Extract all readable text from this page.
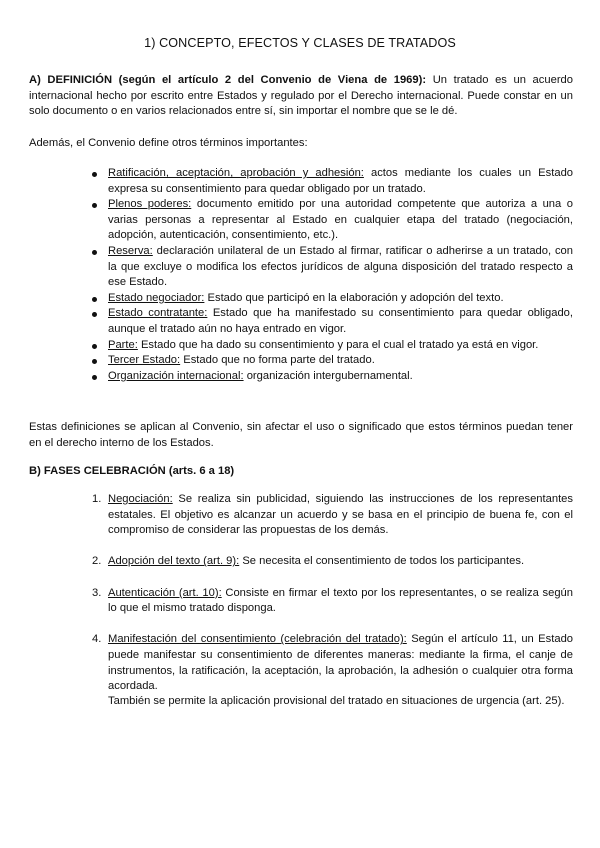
1) CONCEPTO, EFECTOS Y CLASES DE TRATADOS
A) DEFINICIÓN (según el artículo 2 del Convenio de Viena de 1969): Un tratado es un acuerdo internacional hecho por escrito entre Estados y regulado por el Derecho internacional. Puede constar en un solo documento o en varios relacionados entre sí, sin importar el nombre que se le dé.
Además, el Convenio define otros términos importantes:
Ratificación, aceptación, aprobación y adhesión: actos mediante los cuales un Estado expresa su consentimiento para quedar obligado por un tratado.
Plenos poderes: documento emitido por una autoridad competente que autoriza a una o varias personas a representar al Estado en cualquier etapa del tratado (negociación, adopción, autenticación, consentimiento, etc.).
Reserva: declaración unilateral de un Estado al firmar, ratificar o adherirse a un tratado, con la que excluye o modifica los efectos jurídicos de alguna disposición del tratado respecto a ese Estado.
Estado negociador: Estado que participó en la elaboración y adopción del texto.
Estado contratante: Estado que ha manifestado su consentimiento para quedar obligado, aunque el tratado aún no haya entrado en vigor.
Parte: Estado que ha dado su consentimiento y para el cual el tratado ya está en vigor.
Tercer Estado: Estado que no forma parte del tratado.
Organización internacional: organización intergubernamental.
Estas definiciones se aplican al Convenio, sin afectar el uso o significado que estos términos puedan tener en el derecho interno de los Estados.
B) FASES CELEBRACIÓN (arts. 6 a 18)
1. Negociación: Se realiza sin publicidad, siguiendo las instrucciones de los representantes estatales. El objetivo es alcanzar un acuerdo y se basa en el principio de buena fe, con el compromiso de considerar las propuestas de los demás.
2. Adopción del texto (art. 9): Se necesita el consentimiento de todos los participantes.
3. Autenticación (art. 10): Consiste en firmar el texto por los representantes, o se realiza según lo que el mismo tratado disponga.
4. Manifestación del consentimiento (celebración del tratado): Según el artículo 11, un Estado puede manifestar su consentimiento de diferentes maneras: mediante la firma, el canje de instrumentos, la ratificación, la aceptación, la aprobación, la adhesión o cualquier otra forma acordada.
También se permite la aplicación provisional del tratado en situaciones de urgencia (art. 25).
